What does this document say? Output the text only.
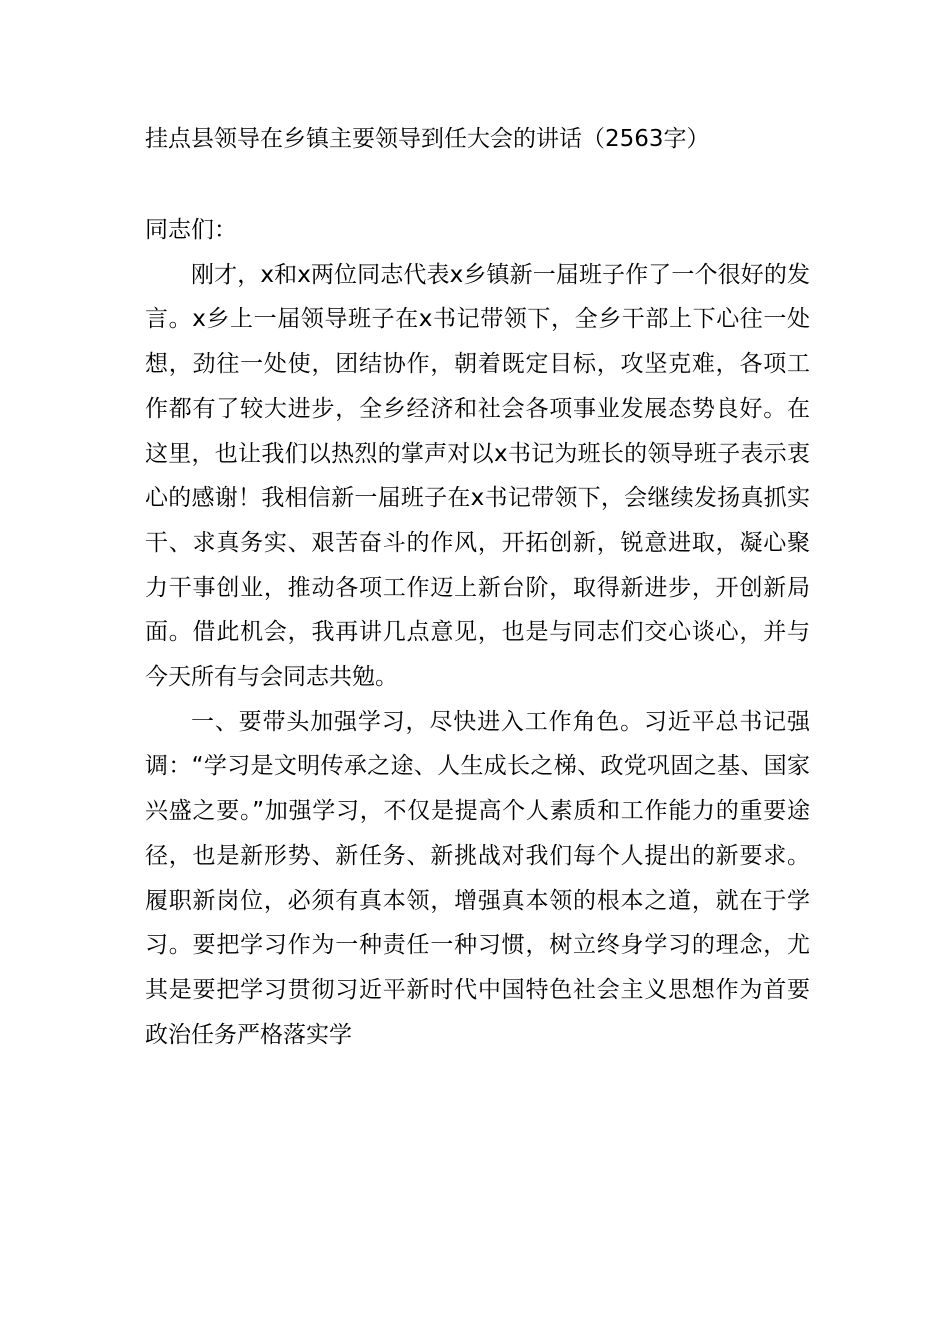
挂点县领导在乡镇主要领导到任大会的讲话（2563字）

同志们：

刚才，x和x两位同志代表x乡镇新一届班子作了一个很好的发言。x乡上一届领导班子在x书记带领下，全乡干部上下心往一处想，劲往一处使，团结协作，朝着既定目标，攻坚克难，各项工作都有了较大进步，全乡经济和社会各项事业发展态势良好。在这里，也让我们以热烈的掌声对以x书记为班长的领导班子表示衷心的感谢！我相信新一届班子在x书记带领下，会继续发扬真抓实干、求真务实、艰苦奋斗的作风，开拓创新，锐意进取，凝心聚力干事创业，推动各项工作迈上新台阶，取得新进步，开创新局面。借此机会，我再讲几点意见，也是与同志们交心谈心，并与今天所有与会同志共勉。

一、要带头加强学习，尽快进入工作角色。习近平总书记强调：“学习是文明传承之途、人生成长之梯、政党巩固之基、国家兴盛之要。”加强学习，不仅是提高个人素质和工作能力的重要途径，也是新形势、新任务、新挑战对我们每个人提出的新要求。履职新岗位，必须有真本领，增强真本领的根本之道，就在于学习。要把学习作为一种责任一种习惯，树立终身学习的理念，尤其是要把学习贯彻习近平新时代中国特色社会主义思想作为首要政治任务严格落实学
